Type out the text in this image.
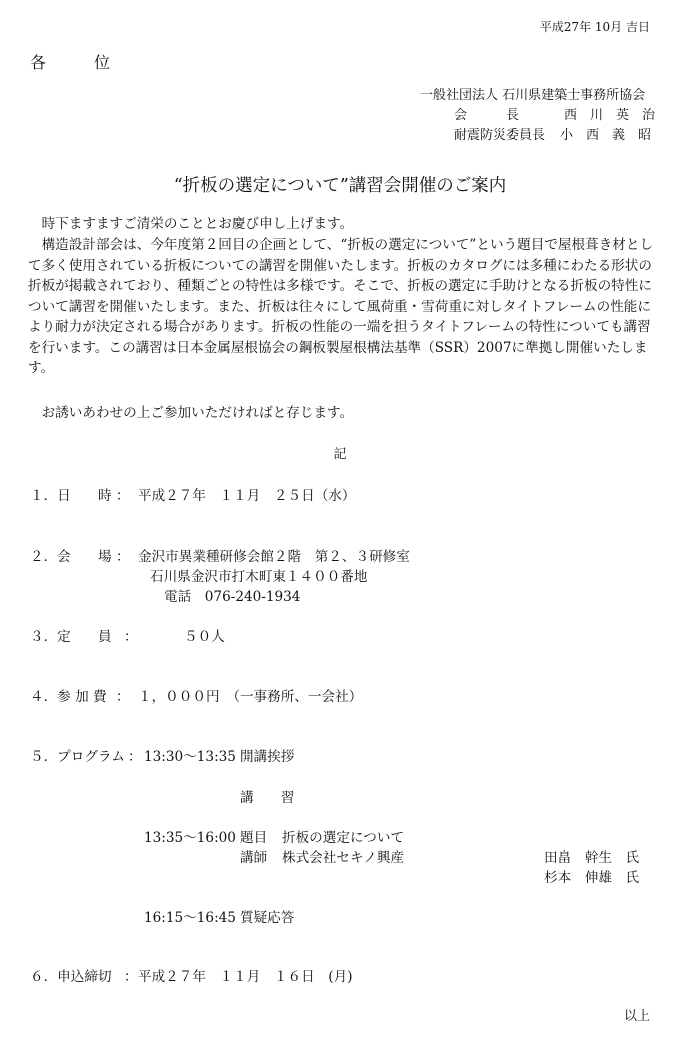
平成27年 10月 吉日
各	位
一般社団法人 石川県建築士事務所協会
会　　　長	西　川　英　治
耐震防災委員長 小　西　義　昭
“折板の選定について”講習会開催のご案内
　時下ますますご清栄のこととお慶び申し上げます。
　構造設計部会は、今年度第２回目の企画として、“折板の選定について”という題目で屋根葺き材として多く使用されている折板についての講習を開催いたします。折板のカタログには多種にわたる形状の折板が掲載されており、種類ごとの特性は多様です。そこで、折板の選定に手助けとなる折板の特性について講習を開催いたします。また、折板は往々にして風荷重・雪荷重に対しタイトフレームの性能により耐力が決定される場合があります。折板の性能の一端を担うタイトフレームの特性についても講習を行います。この講習は日本金属屋根協会の鋼板製屋根構法基準（SSR）2007に準拠し開催いたします。
　お誘いあわせの上ご参加いただければと存じます。
記
１．日　　時 ： 平成２７年　１１月　２５日（水）
２．会　　場 ： 金沢市異業種研修会館２階　第２、３研修室
石川県金沢市打木町東１４００番地
電話　076-240-1934
３．定　　員 ：	５０人
４．参 加 費 ： １，０００円　（一事務所、一会社）
５．プログラム ： 13:30～13:35 開講挨拶
講　　習
13:35～16:00 題目 折板の選定について
講師 株式会社セキノ興産	田畠　幹生　氏
杉本　伸雄　氏
16:15～16:45 質疑応答
６．申込締切 ： 平成２７年　１１月　１６日　(月)
以上
